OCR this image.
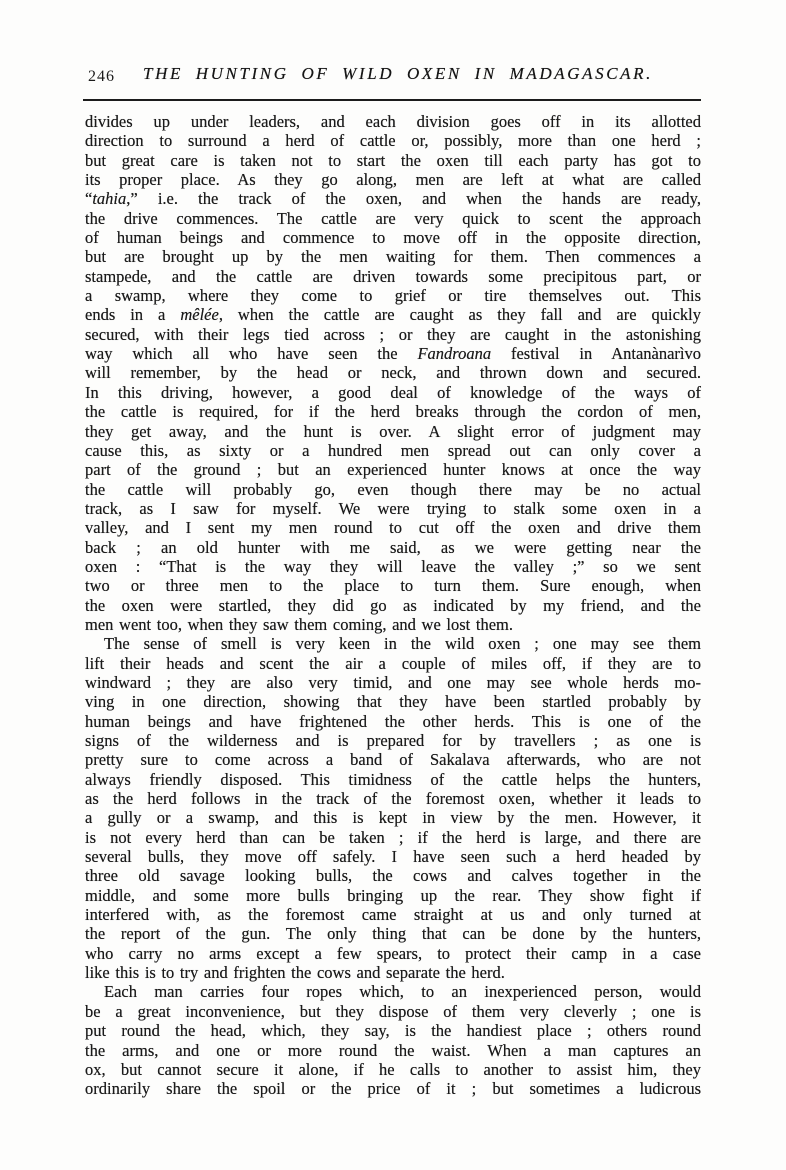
246	THE HUNTING OF WILD OXEN IN MADAGASCAR.
divides up under leaders, and each division goes off in its allotted
direction to surround a herd of cattle or, possibly, more than one herd ;
but great care is taken not to start the oxen till each party has got to
its proper place. As they go along, men are left at what are called
“tahia,” i.e. the track of the oxen, and when the hands are ready,
the drive commences. The cattle are very quick to scent the approach
of human beings and commence to move off in the opposite direction,
but are brought up by the men waiting for them. Then commences a
stampede, and the cattle are driven towards some precipitous part, or
a swamp, where they come to grief or tire themselves out. This
ends in a mêlée, when the cattle are caught as they fall and are quickly
secured, with their legs tied across ; or they are caught in the astonishing
way which all who have seen the Fandroana festival in Antanànarìvo
will remember, by the head or neck, and thrown down and secured.
In this driving, however, a good deal of knowledge of the ways of
the cattle is required, for if the herd breaks through the cordon of men,
they get away, and the hunt is over. A slight error of judgment may
cause this, as sixty or a hundred men spread out can only cover a
part of the ground ; but an experienced hunter knows at once the way
the cattle will probably go, even though there may be no actual
track, as I saw for myself. We were trying to stalk some oxen in a
valley, and I sent my men round to cut off the oxen and drive them
back ; an old hunter with me said, as we were getting near the
oxen : “That is the way they will leave the valley ;” so we sent
two or three men to the place to turn them. Sure enough, when
the oxen were startled, they did go as indicated by my friend, and the
men went too, when they saw them coming, and we lost them.
The sense of smell is very keen in the wild oxen ; one may see them
lift their heads and scent the air a couple of miles off, if they are to
windward ; they are also very timid, and one may see whole herds mo-
ving in one direction, showing that they have been startled probably by
human beings and have frightened the other herds. This is one of the
signs of the wilderness and is prepared for by travellers ; as one is
pretty sure to come across a band of Sakalava afterwards, who are not
always friendly disposed. This timidness of the cattle helps the hunters,
as the herd follows in the track of the foremost oxen, whether it leads to
a gully or a swamp, and this is kept in view by the men. However, it
is not every herd than can be taken ; if the herd is large, and there are
several bulls, they move off safely. I have seen such a herd headed by
three old savage looking bulls, the cows and calves together in the
middle, and some more bulls bringing up the rear. They show fight if
interfered with, as the foremost came straight at us and only turned at
the report of the gun. The only thing that can be done by the hunters,
who carry no arms except a few spears, to protect their camp in a case
like this is to try and frighten the cows and separate the herd.
Each man carries four ropes which, to an inexperienced person, would
be a great inconvenience, but they dispose of them very cleverly ; one is
put round the head, which, they say, is the handiest place ; others round
the arms, and one or more round the waist. When a man captures an
ox, but cannot secure it alone, if he calls to another to assist him, they
ordinarily share the spoil or the price of it ; but sometimes a ludicrous
